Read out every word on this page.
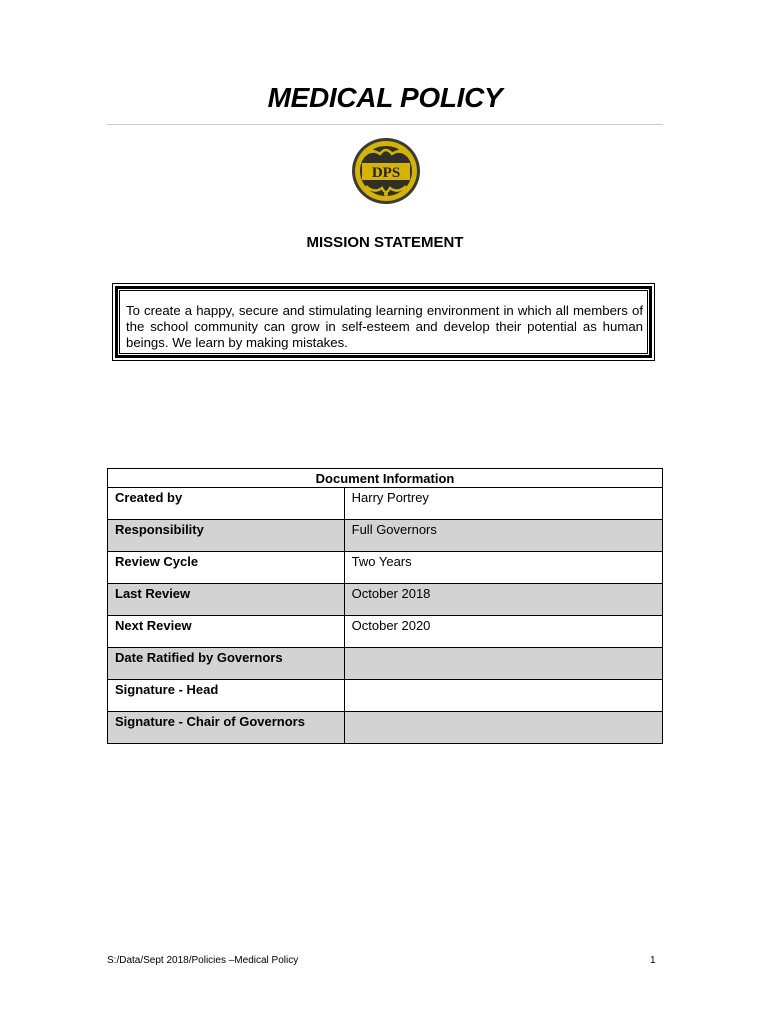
MEDICAL POLICY
DPS
MISSION STATEMENT
To create a happy, secure and stimulating learning environment in which all members of the school community can grow in self-esteem and develop their potential as human beings. We learn by making mistakes.
Document Information	
Created by	Harry Portrey
Responsibility	Full Governors
Review Cycle	Two Years
Last Review	October 2018
Next Review	October 2020
Date Ratified by Governors	
Signature - Head	
Signature - Chair of Governors	
S:/Data/Sept 2018/Policies –Medical Policy	1
